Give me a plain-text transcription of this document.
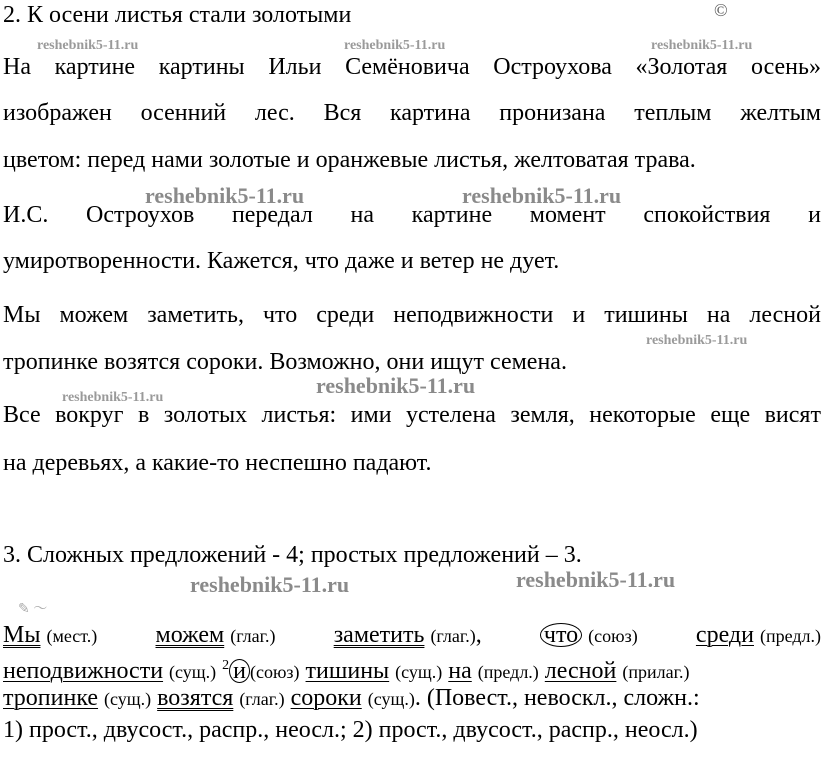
©
2. К осени листья стали золотыми
На картине картины Ильи Семёновича Остроухова «Золотая осень»
изображен осенний лес. Вся картина пронизана теплым желтым
цветом: перед нами золотые и оранжевые листья, желтоватая трава.
И.С. Остроухов передал на картине момент спокойствия и
умиротворенности. Кажется, что даже и ветер не дует.
Мы можем заметить, что среди неподвижности и тишины на лесной
тропинке возятся сороки. Возможно, они ищут семена.
Все вокруг в золотых листья: ими устелена земля, некоторые еще висят
на деревьях, а какие-то неспешно падают.
3. Сложных предложений - 4; простых предложений – 3.
✎ ～
Мы (мест.) можем (глаг.) заметить (глаг.),	что (союз) среди (предл.)
неподвижности (сущ.) $^2$ и (союз) тишины (сущ.) на (предл.) лесной (прилаг.)
тропинке (сущ.) возятся (глаг.) сороки (сущ.). (Повест., невоскл., сложн.:
1) прост., двусост., распр., неосл.; 2) прост., двусост., распр., неосл.)
reshebnik5-11.ru	reshebnik5-11.ru	reshebnik5-11.ru
reshebnik5-11.ru	reshebnik5-11.ru
reshebnik5-11.ru
reshebnik5-11.ru
reshebnik5-11.ru
reshebnik5-11.ru	reshebnik5-11.ru
